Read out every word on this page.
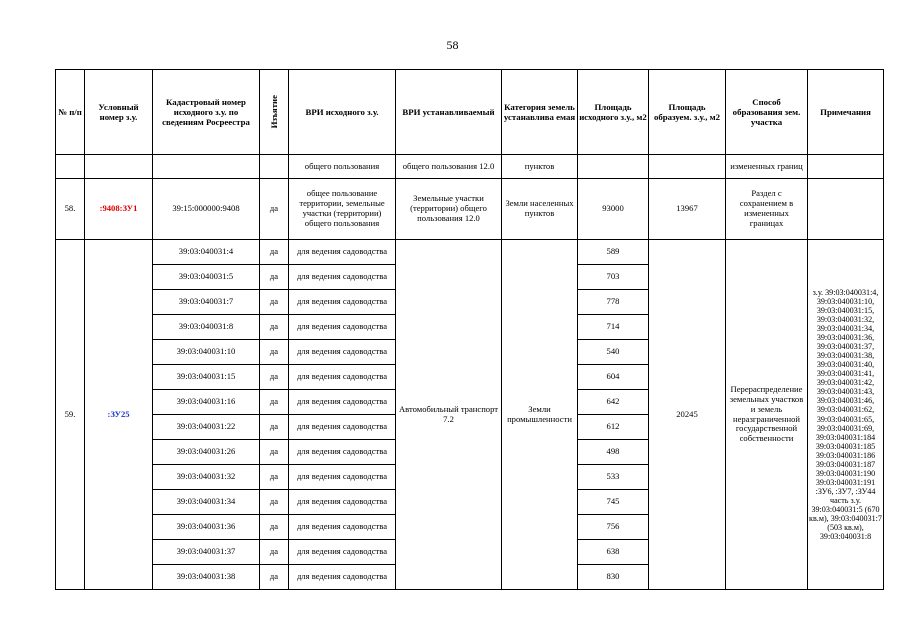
58
№ п/п	Условный номер з.у.	Кадастровый номер исходного з.у. по сведениям Росреестра	Изъятие	ВРИ исходного з.у.	ВРИ устанавливаемый	Категория земель устанавлива емая	Площадь исходного з.у., м2	Площадь образуем. з.у., м2	Способ образования зем. участка	Примечания
				общего пользования	общего пользования 12.0	пунктов			измененных границ	
58.	:9408:ЗУ1	39:15:000000:9408	да	общее пользование территории, земельные участки (территории) общего пользования	Земельные участки (территории) общего пользования 12.0	Земли населенных пунктов	93000	13967	Раздел с сохранением в измененных границах	
59.	:ЗУ25	39:03:040031:4	да	для ведения садоводства	Автомобильный транспорт 7.2	Земли промышленности	589	20245	Перераспределение земельных участков и земель неразграниченной государственной собственности	з.у. 39:03:040031:4, 39:03:040031:10, 39:03:040031:15, 39:03:040031:32, 39:03:040031:34, 39:03:040031:36, 39:03:040031:37, 39:03:040031:38, 39:03:040031:40, 39:03:040031:41, 39:03:040031:42, 39:03:040031:43, 39:03:040031:46, 39:03:040031:62, 39:03:040031:65, 39:03:040031:69, 39:03:040031:184 39:03:040031:185 39:03:040031:186 39:03:040031:187 39:03:040031:190 39:03:040031:191 :ЗУ6, :ЗУ7, :ЗУ44 часть з.у. 39:03:040031:5 (670 кв.м), 39:03:040031:7 (503 кв.м), 39:03:040031:8
		39:03:040031:5	да	для ведения садоводства			703			
		39:03:040031:7	да	для ведения садоводства			778			
		39:03:040031:8	да	для ведения садоводства			714			
		39:03:040031:10	да	для ведения садоводства			540			
		39:03:040031:15	да	для ведения садоводства			604			
		39:03:040031:16	да	для ведения садоводства			642			
		39:03:040031:22	да	для ведения садоводства			612			
		39:03:040031:26	да	для ведения садоводства			498			
		39:03:040031:32	да	для ведения садоводства			533			
		39:03:040031:34	да	для ведения садоводства			745			
		39:03:040031:36	да	для ведения садоводства			756			
		39:03:040031:37	да	для ведения садоводства			638			
		39:03:040031:38	да	для ведения садоводства			830			
